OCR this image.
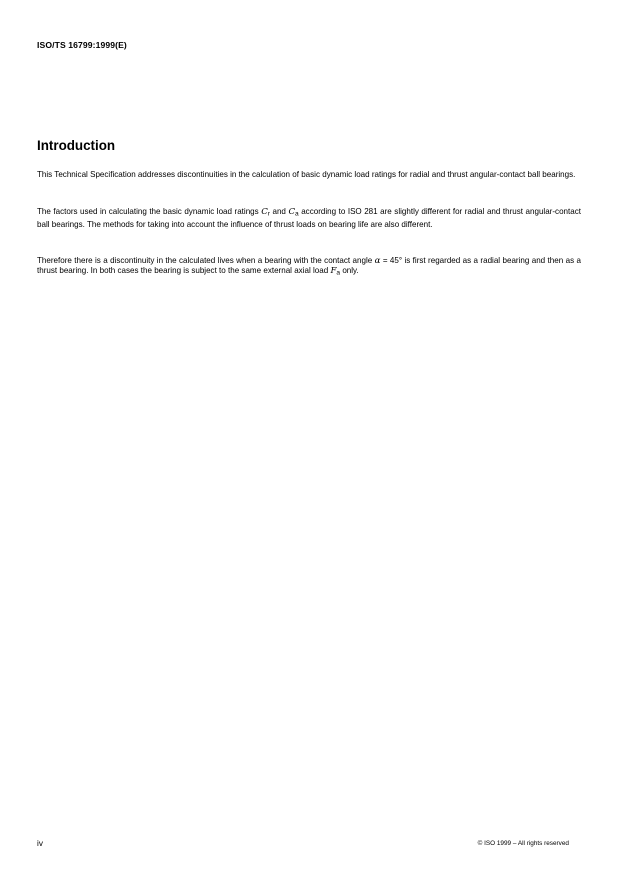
ISO/TS 16799:1999(E)
Introduction

This Technical Specification addresses discontinuities in the calculation of basic dynamic load ratings for radial and thrust angular-contact ball bearings.

The factors used in calculating the basic dynamic load ratings $C_r$ and $C_a$ according to ISO 281 are slightly different for radial and thrust angular-contact ball bearings. The methods for taking into account the influence of thrust loads on bearing life are also different.

Therefore there is a discontinuity in the calculated lives when a bearing with the contact angle α = 45° is first regarded as a radial bearing and then as a thrust bearing. In both cases the bearing is subject to the same external axial load $F_a$ only.

iv	© ISO 1999 – All rights reserved
